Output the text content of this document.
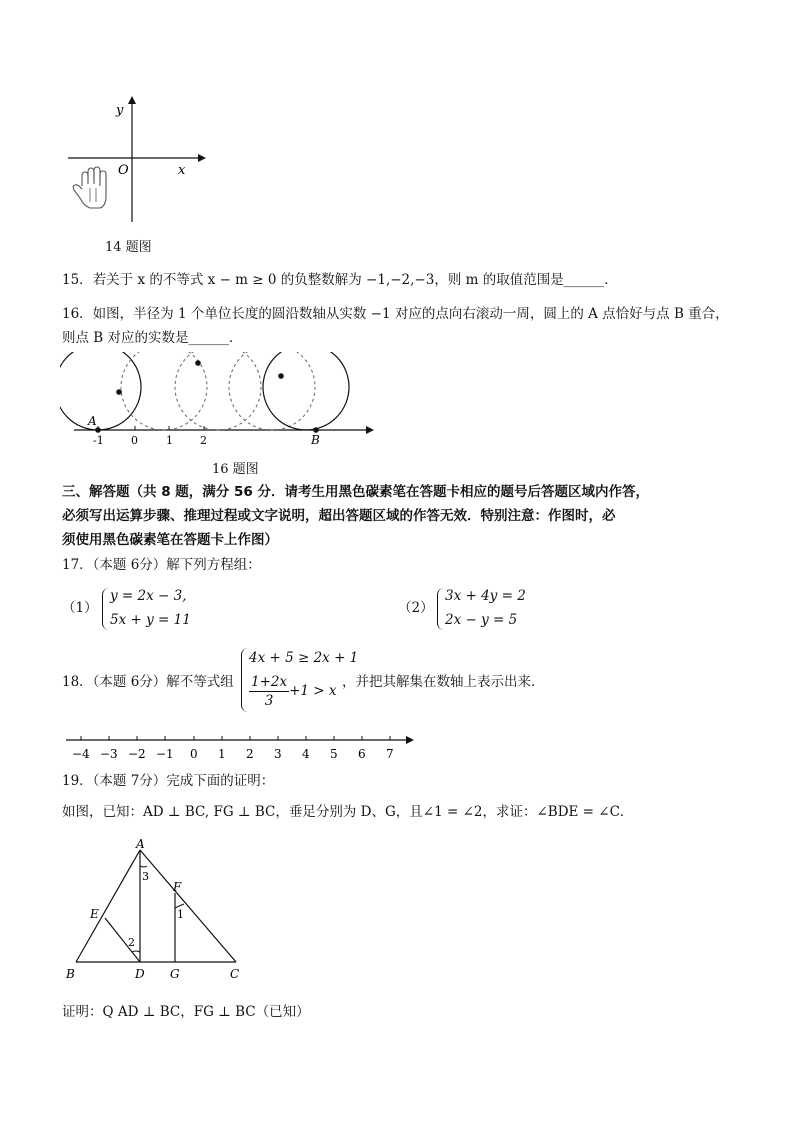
y
x
O
14 题图
15．若关于 x 的不等式 x − m ≥ 0 的负整数解为 −1,−2,−3，则 m 的取值范围是______．
16．如图，半径为 1 个单位长度的圆沿数轴从实数 −1 对应的点向右滚动一周，圆上的 A 点恰好与点 B 重合，
则点 B 对应的实数是______．
A
-1 0	1 2	B
16 题图
三、解答题（共 8 题，满分 56 分．请考生用黑色碳素笔在答题卡相应的题号后答题区域内作答，
必须写出运算步骤、推理过程或文字说明，超出答题区域的作答无效．特别注意：作图时，必
须使用黑色碳素笔在答题卡上作图）
17．（本题 6分）解下列方程组：
（1）
y = 2x − 3,
5x + y = 11
（2）
3x + 4y = 2
2x − y = 5
18．（本题 6分）解不等式组
4x + 5 ≥ 2x + 1
$\frac{1+2x}{3} +1 > x$
，并把其解集在数轴上表示出来．
−4 −3 −2 −1 0 1 2 3 4 5 6 7
19．（本题 7分）完成下面的证明：
如图，已知：AD ⊥ BC, FG ⊥ BC，垂足分别为 D、G，且∠1 = ∠2，求证：∠BDE = ∠C．
A
E
F
B	D G	C
1
2
3
证明：Q AD ⊥ BC，FG ⊥ BC（已知）
